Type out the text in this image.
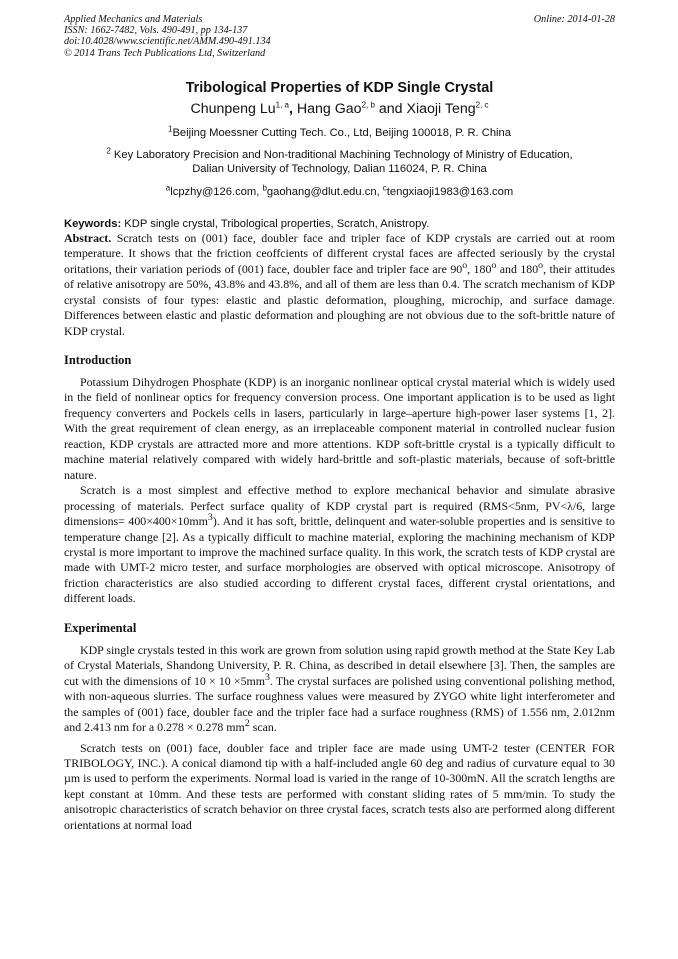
Applied Mechanics and Materials
ISSN: 1662-7482, Vols. 490-491, pp 134-137
doi:10.4028/www.scientific.net/AMM.490-491.134
© 2014 Trans Tech Publications Ltd, Switzerland
Online: 2014-01-28
Tribological Properties of KDP Single Crystal
Chunpeng Lu$^{1, a}$, Hang Gao$^{2, b}$ and Xiaoji Teng$^{2, c}$
$^1$Beijing Moessner Cutting Tech. Co., Ltd, Beijing 100018, P. R. China
$^2$ Key Laboratory Precision and Non-traditional Machining Technology of Ministry of Education,
Dalian University of Technology, Dalian 116024, P. R. China
$^a$lcpzhy@126.com, $^b$gaohang@dlut.edu.cn, $^c$tengxiaoji1983@163.com
Keywords: KDP single crystal, Tribological properties, Scratch, Anistropy.

Abstract. Scratch tests on (001) face, doubler face and tripler face of KDP crystals are carried out at room temperature. It shows that the friction ceoffcients of different crystal faces are affected seriously by the crystal oritations, their variation periods of (001) face, doubler face and tripler face are 90$^o$, 180$^o$ and 180$^o$, their attitudes of relative anisotropy are 50%, 43.8% and 43.8%, and all of them are less than 0.4. The scratch mechanism of KDP crystal consists of four types: elastic and plastic deformation, ploughing, microchip, and surface damage. Differences between elastic and plastic deformation and ploughing are not obvious due to the soft-brittle nature of KDP crystal.

Introduction

Potassium Dihydrogen Phosphate (KDP) is an inorganic nonlinear optical crystal material which is widely used in the field of nonlinear optics for frequency conversion process. One important application is to be used as light frequency converters and Pockels cells in lasers, particularly in large–aperture high-power laser systems [1, 2]. With the great requirement of clean energy, as an irreplaceable component material in controlled nuclear fusion reaction, KDP crystals are attracted more and more attentions. KDP soft-brittle crystal is a typically difficult to machine material relatively compared with widely hard-brittle and soft-plastic materials, because of soft-brittle nature.

Scratch is a most simplest and effective method to explore mechanical behavior and simulate abrasive processing of materials. Perfect surface quality of KDP crystal part is required (RMS<5nm, PV<λ/6, large dimensions= $400\times 400\times 10mm^3$). And it has soft, brittle, delinquent and water-soluble properties and is sensitive to temperature change [2]. As a typically difficult to machine material, exploring the machining mechanism of KDP crystal is more important to improve the machined surface quality. In this work, the scratch tests of KDP crystal are made with UMT-2 micro tester, and surface morphologies are observed with optical microscope. Anisotropy of friction characteristics are also studied according to different crystal faces, different crystal orientations, and different loads.

Experimental

KDP single crystals tested in this work are grown from solution using rapid growth method at the State Key Lab of Crystal Materials, Shandong University, P. R. China, as described in detail elsewhere [3]. Then, the samples are cut with the dimensions of $10 \times 10 \times 5mm^3$. The crystal surfaces are polished using conventional polishing method, with non-aqueous slurries. The surface roughness values were measured by ZYGO white light interferometer and the samples of (001) face, doubler face and the tripler face had a surface roughness (RMS) of 1.556 nm, 2.012nm and 2.413 nm for a 0.278 × 0.278 $mm^2$ scan.

Scratch tests on (001) face, doubler face and tripler face are made using UMT-2 tester (CENTER FOR TRIBOLOGY, INC.). A conical diamond tip with a half-included angle 60 deg and radius of curvature equal to 30 µm is used to perform the experiments. Normal load is varied in the range of 10-300mN. All the scratch lengths are kept constant at 10mm. And these tests are performed with constant sliding rates of 5 mm/min. To study the anisotropic characteristics of scratch behavior on three crystal faces, scratch tests also are performed along different orientations at normal load
